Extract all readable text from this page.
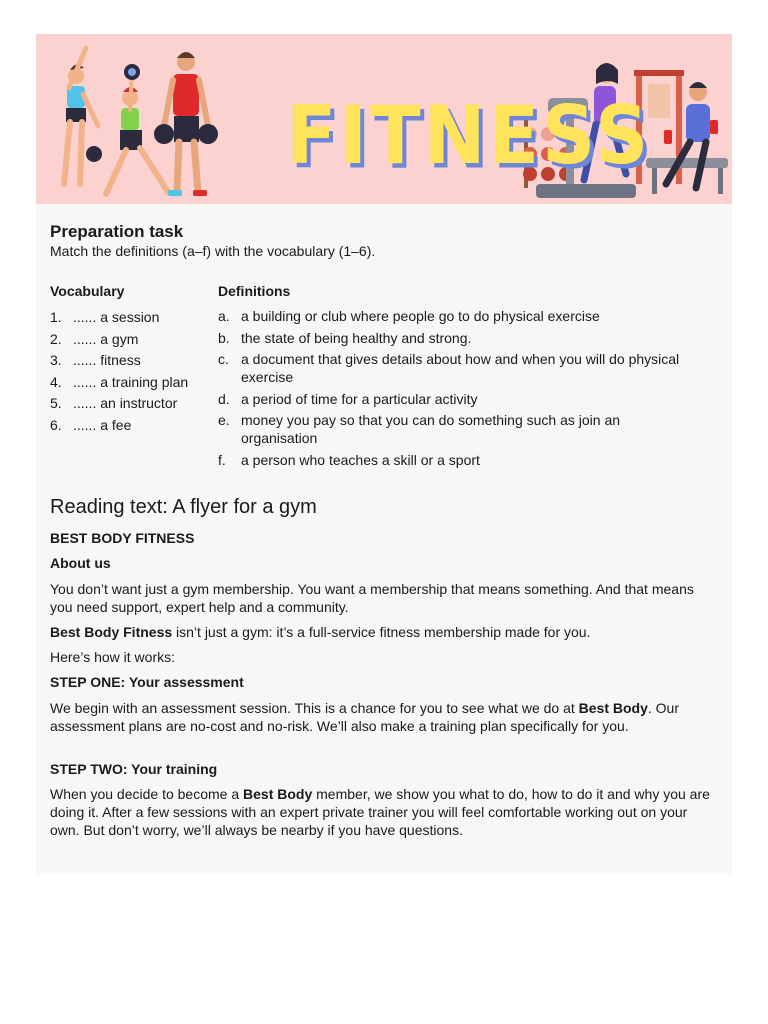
FITNESS
Preparation task
Match the definitions (a–f) with the vocabulary (1–6).
Vocabulary	Definitions
1. ...... a session
2. ...... a gym
3. ...... fitness
4. ...... a training plan
5. ...... an instructor
6. ...... a fee
a. a building or club where people go to do physical exercise
b. the state of being healthy and strong.
c. a document that gives details about how and when you will do physical exercise
d. a period of time for a particular activity
e. money you pay so that you can do something such as join an organisation
f.	a person who teaches a skill or a sport
Reading text: A flyer for a gym
BEST BODY FITNESS
About us
You don’t want just a gym membership. You want a membership that means something. And that means you need support, expert help and a community.
Best Body Fitness isn’t just a gym: it’s a full-service fitness membership made for you.
Here’s how it works:
STEP ONE: Your assessment
We begin with an assessment session. This is a chance for you to see what we do at Best Body. Our assessment plans are no-cost and no-risk. We’ll also make a training plan specifically for you.
STEP TWO: Your training
When you decide to become a Best Body member, we show you what to do, how to do it and why you are doing it. After a few sessions with an expert private trainer you will feel comfortable working out on your own. But don’t worry, we’ll always be nearby if you have questions.
